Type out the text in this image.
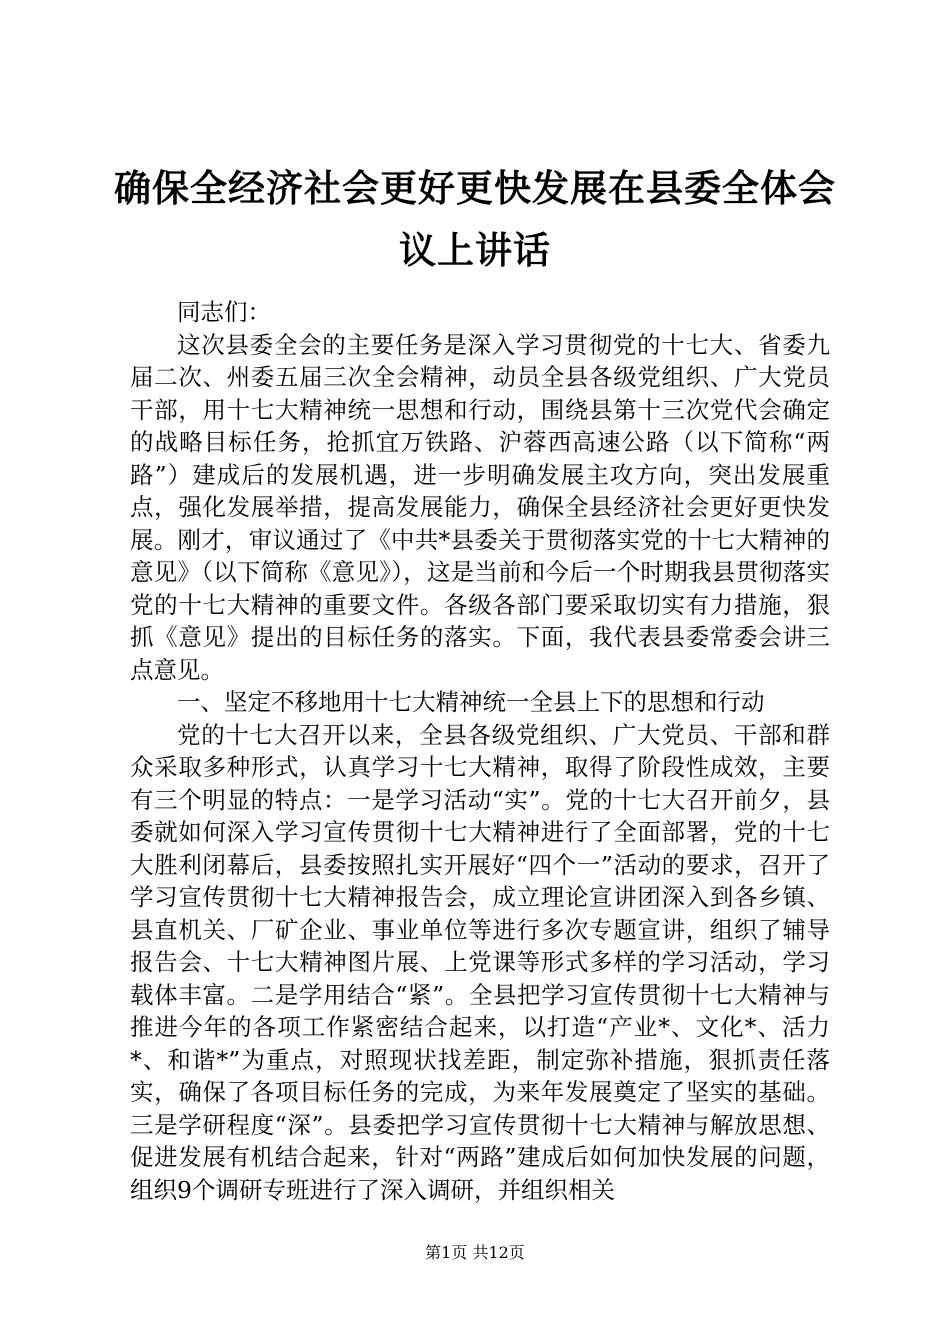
确保全经济社会更好更快发展在县委全体会议上讲话

同志们：

这次县委全会的主要任务是深入学习贯彻党的十七大、省委九届二次、州委五届三次全会精神，动员全县各级党组织、广大党员干部，用十七大精神统一思想和行动，围绕县第十三次党代会确定的战略目标任务，抢抓宜万铁路、沪蓉西高速公路（以下简称“两路”）建成后的发展机遇，进一步明确发展主攻方向，突出发展重点，强化发展举措，提高发展能力，确保全县经济社会更好更快发展。刚才，审议通过了《中共*县委关于贯彻落实党的十七大精神的意见》（以下简称《意见》），这是当前和今后一个时期我县贯彻落实党的十七大精神的重要文件。各级各部门要采取切实有力措施，狠抓《意见》提出的目标任务的落实。下面，我代表县委常委会讲三点意见。

一、坚定不移地用十七大精神统一全县上下的思想和行动

党的十七大召开以来，全县各级党组织、广大党员、干部和群众采取多种形式，认真学习十七大精神，取得了阶段性成效，主要有三个明显的特点：一是学习活动“实”。党的十七大召开前夕，县委就如何深入学习宣传贯彻十七大精神进行了全面部署，党的十七大胜利闭幕后，县委按照扎实开展好“四个一”活动的要求，召开了学习宣传贯彻十七大精神报告会，成立理论宣讲团深入到各乡镇、县直机关、厂矿企业、事业单位等进行多次专题宣讲，组织了辅导报告会、十七大精神图片展、上党课等形式多样的学习活动，学习载体丰富。二是学用结合“紧”。全县把学习宣传贯彻十七大精神与推进今年的各项工作紧密结合起来，以打造“产业*、文化*、活力*、和谐*”为重点，对照现状找差距，制定弥补措施，狠抓责任落实，确保了各项目标任务的完成，为来年发展奠定了坚实的基础。三是学研程度“深”。县委把学习宣传贯彻十七大精神与解放思想、促进发展有机结合起来，针对“两路”建成后如何加快发展的问题，组织9个调研专班进行了深入调研，并组织相关

第1页 共12页
